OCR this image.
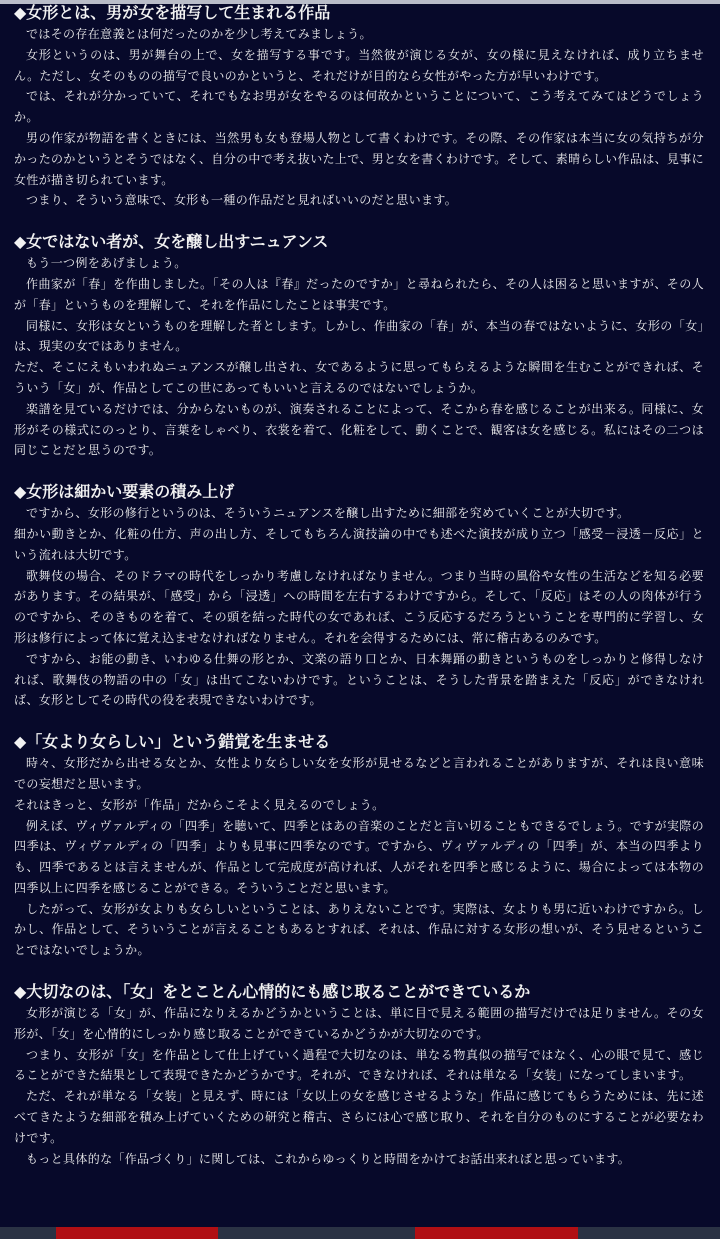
◆女形とは、男が女を描写して生まれる作品

ではその存在意義とは何だったのかを少し考えてみましょう。

女形というのは、男が舞台の上で、女を描写する事です。当然彼が演じる女が、女の様に見えなければ、成り立ちません。ただし、女そのものの描写で良いのかというと、それだけが目的なら女性がやった方が早いわけです。

では、それが分かっていて、それでもなお男が女をやるのは何故かということについて、こう考えてみてはどうでしょうか。

男の作家が物語を書くときには、当然男も女も登場人物として書くわけです。その際、その作家は本当に女の気持ちが分かったのかというとそうではなく、自分の中で考え抜いた上で、男と女を書くわけです。そして、素晴らしい作品は、見事に女性が描き切られています。

つまり、そういう意味で、女形も一種の作品だと見ればいいのだと思います。

◆女ではない者が、女を醸し出すニュアンス

もう一つ例をあげましょう。

作曲家が「春」を作曲しました。「その人は『春』だったのですか」と尋ねられたら、その人は困ると思いますが、その人が「春」というものを理解して、それを作品にしたことは事実です。

同様に、女形は女というものを理解した者とします。しかし、作曲家の「春」が、本当の春ではないように、女形の「女」は、現実の女ではありません。

ただ、そこにえもいわれぬニュアンスが醸し出され、女であるように思ってもらえるような瞬間を生むことができれば、そういう「女」が、作品としてこの世にあってもいいと言えるのではないでしょうか。

楽譜を見ているだけでは、分からないものが、演奏されることによって、そこから春を感じることが出来る。同様に、女形がその様式にのっとり、言葉をしゃべり、衣裳を着て、化粧をして、動くことで、観客は女を感じる。私にはその二つは同じことだと思うのです。

◆女形は細かい要素の積み上げ

ですから、女形の修行というのは、そういうニュアンスを醸し出すために細部を究めていくことが大切です。

細かい動きとか、化粧の仕方、声の出し方、そしてもちろん演技論の中でも述べた演技が成り立つ「感受－浸透－反応」という流れは大切です。

歌舞伎の場合、そのドラマの時代をしっかり考慮しなければなりません。つまり当時の風俗や女性の生活などを知る必要があります。その結果が、「感受」から「浸透」への時間を左右するわけですから。そして、「反応」はその人の肉体が行うのですから、そのきものを着て、その頭を結った時代の女であれば、こう反応するだろうということを専門的に学習し、女形は修行によって体に覚え込ませなければなりません。それを会得するためには、常に稽古あるのみです。

ですから、お能の動き、いわゆる仕舞の形とか、文楽の語り口とか、日本舞踊の動きというものをしっかりと修得しなければ、歌舞伎の物語の中の「女」は出てこないわけです。ということは、そうした背景を踏まえた「反応」ができなければ、女形としてその時代の役を表現できないわけです。

◆「女より女らしい」という錯覚を生ませる

時々、女形だから出せる女とか、女性より女らしい女を女形が見せるなどと言われることがありますが、それは良い意味での妄想だと思います。

それはきっと、女形が「作品」だからこそよく見えるのでしょう。

例えば、ヴィヴァルディの「四季」を聴いて、四季とはあの音楽のことだと言い切ることもできるでしょう。ですが実際の四季は、ヴィヴァルディの「四季」よりも見事に四季なのです。ですから、ヴィヴァルディの「四季」が、本当の四季よりも、四季であるとは言えませんが、作品として完成度が高ければ、人がそれを四季と感じるように、場合によっては本物の四季以上に四季を感じることができる。そういうことだと思います。

したがって、女形が女よりも女らしいということは、ありえないことです。実際は、女よりも男に近いわけですから。しかし、作品として、そういうことが言えることもあるとすれば、それは、作品に対する女形の想いが、そう見せるということではないでしょうか。

◆大切なのは、「女」をとことん心情的にも感じ取ることができているか

女形が演じる「女」が、作品になりえるかどうかということは、単に目で見える範囲の描写だけでは足りません。その女形が、「女」を心情的にしっかり感じ取ることができているかどうかが大切なのです。

つまり、女形が「女」を作品として仕上げていく過程で大切なのは、単なる物真似の描写ではなく、心の眼で見て、感じることができた結果として表現できたかどうかです。それが、できなければ、それは単なる「女装」になってしまいます。

ただ、それが単なる「女装」と見えず、時には「女以上の女を感じさせるような」作品に感じてもらうためには、先に述べてきたような細部を積み上げていくための研究と稽古、さらには心で感じ取り、それを自分のものにすることが必要なわけです。

もっと具体的な「作品づくり」に関しては、これからゆっくりと時間をかけてお話出来ればと思っています。
